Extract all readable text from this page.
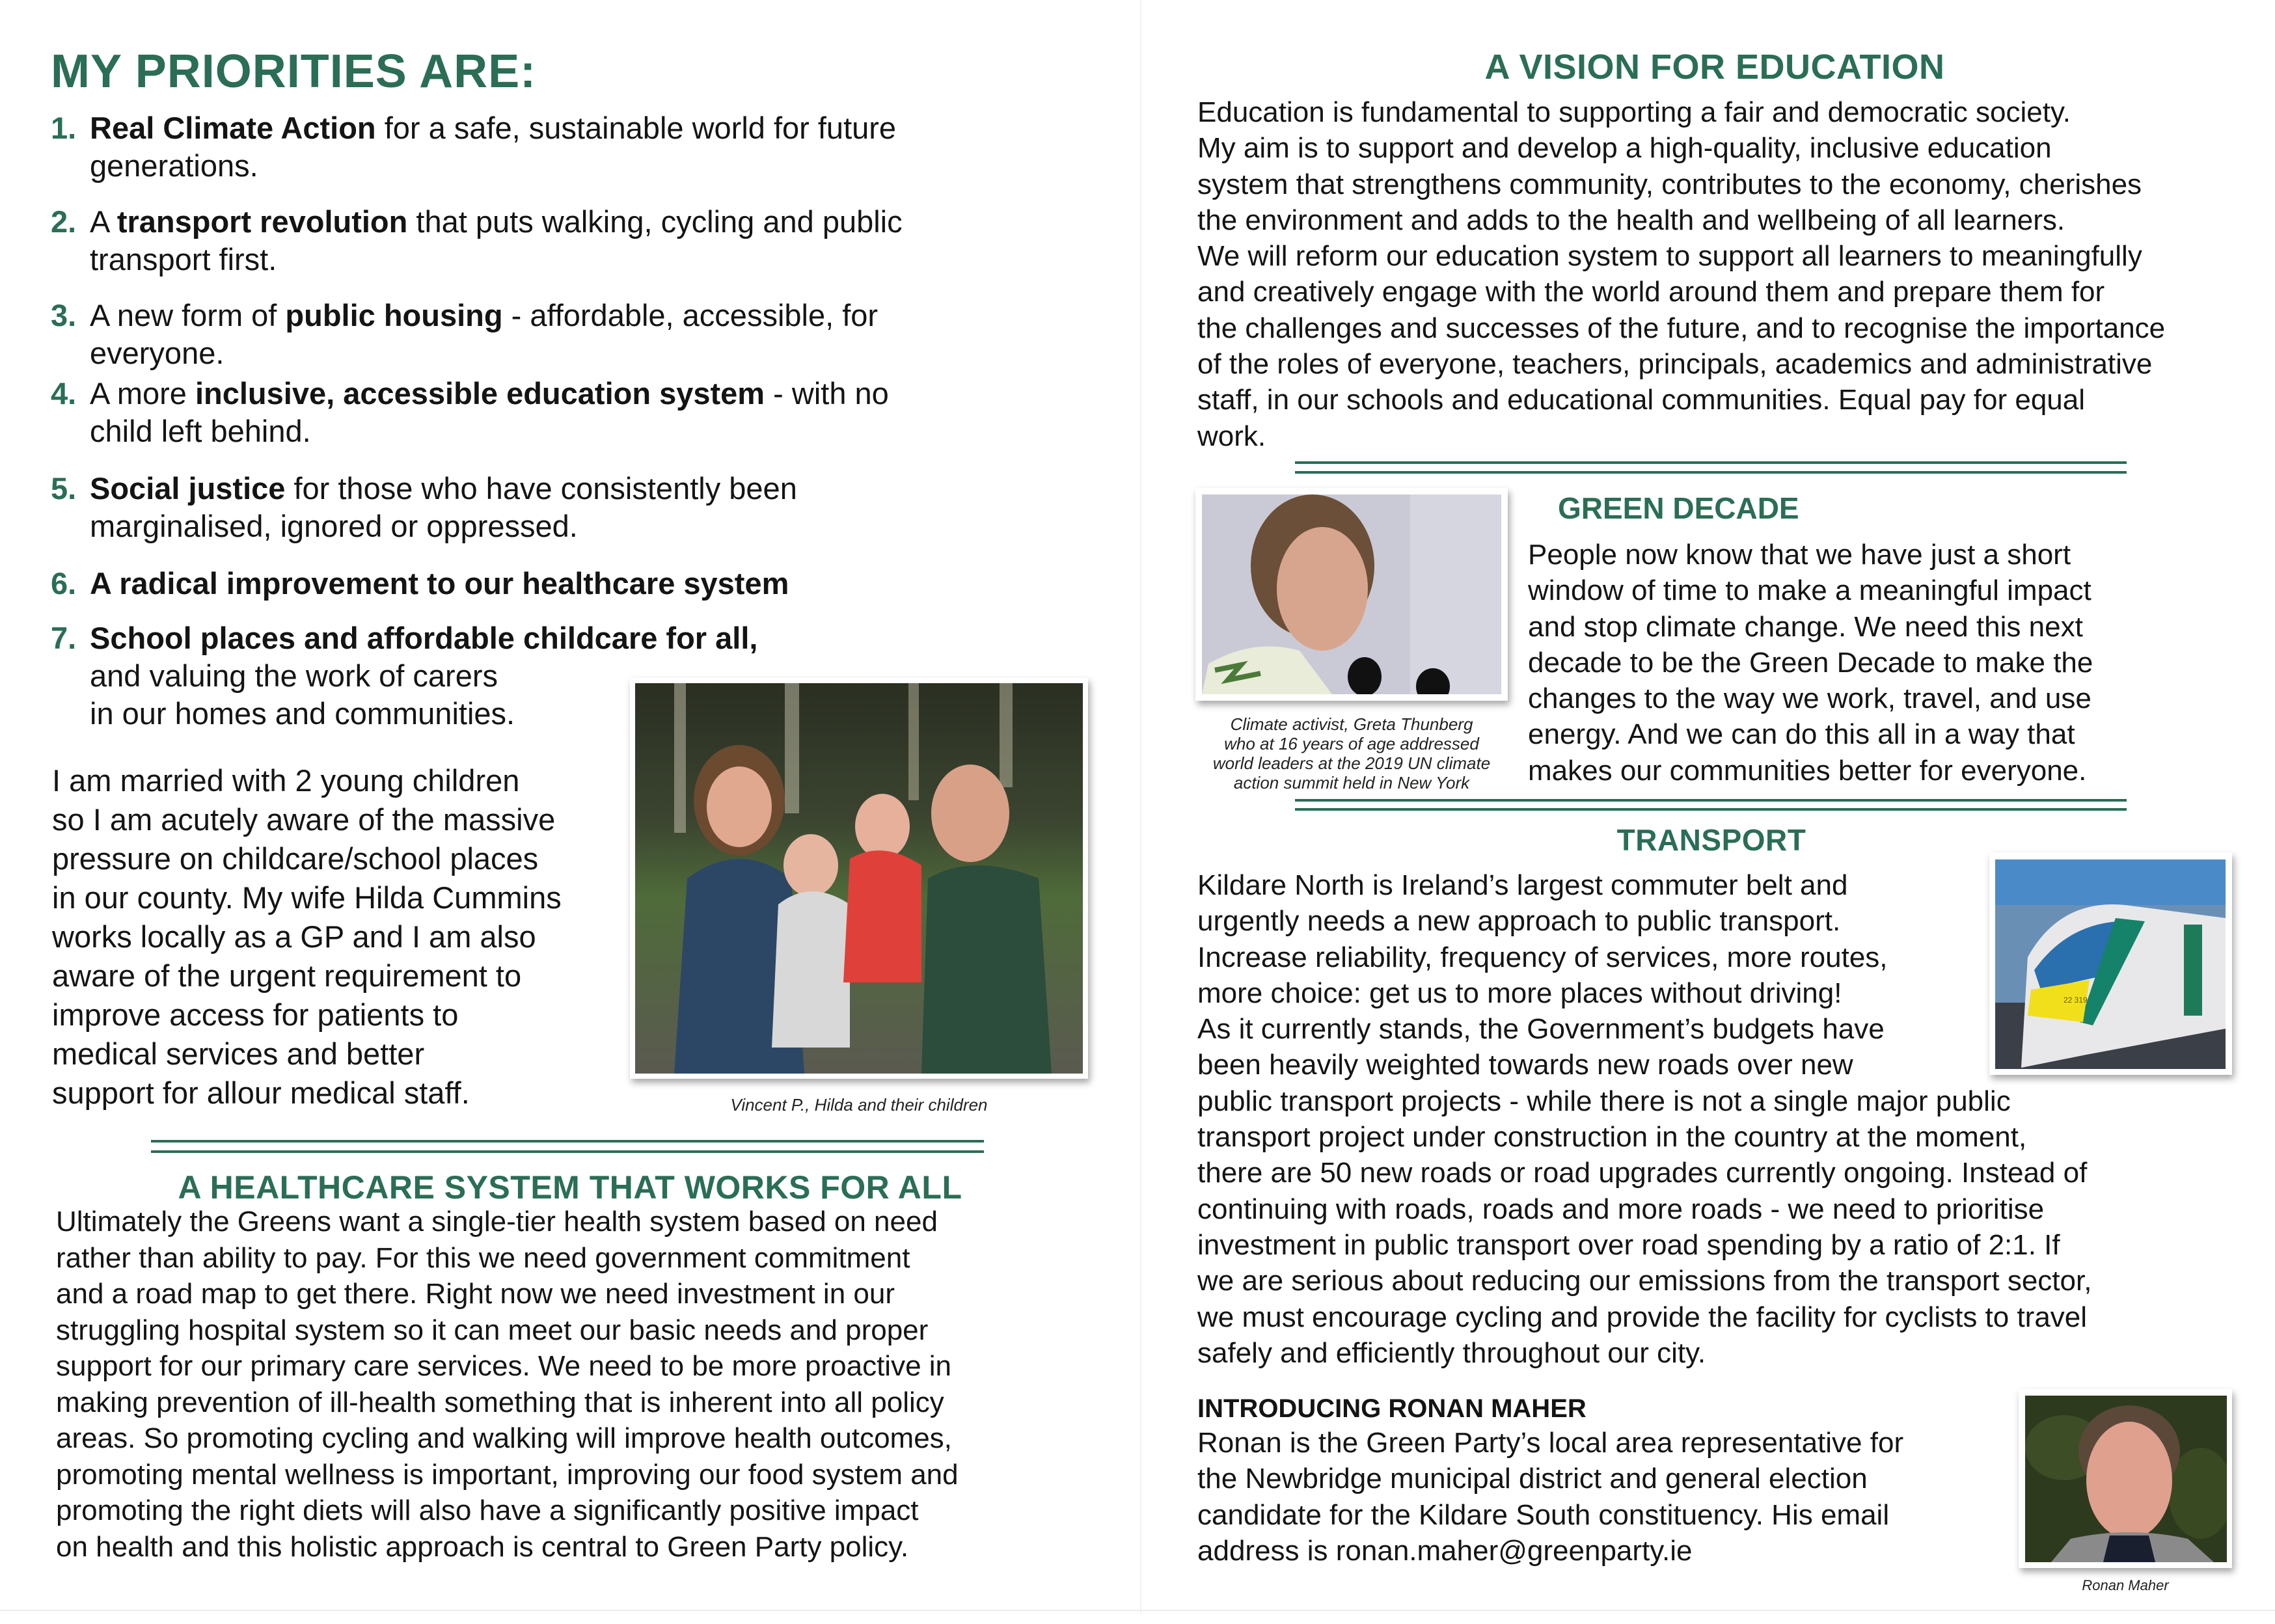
MY PRIORITIES ARE:
1. Real Climate Action for a safe, sustainable world for future
generations.
2. A transport revolution that puts walking, cycling and public
transport first.
3. A new form of public housing - affordable, accessible, for
everyone.
4. A more inclusive, accessible education system - with no
child left behind.
5. Social justice for those who have consistently been
marginalised, ignored or oppressed.
6. A radical improvement to our healthcare system
7. School places and affordable childcare for all,
and valuing the work of carers
in our homes and communities.
I am married with 2 young children
so I am acutely aware of the massive
pressure on childcare/school places
in our county. My wife Hilda Cummins
works locally as a GP and I am also
aware of the urgent requirement to
improve access for patients to
medical services and better
support for allour medical staff.	Vincent P., Hilda and their children
A HEALTHCARE SYSTEM THAT WORKS FOR ALL
Ultimately the Greens want a single-tier health system based on need
rather than ability to pay. For this we need government commitment
and a road map to get there. Right now we need investment in our
struggling hospital system so it can meet our basic needs and proper
support for our primary care services. We need to be more proactive in
making prevention of ill-health something that is inherent into all policy
areas. So promoting cycling and walking will improve health outcomes,
promoting mental wellness is important, improving our food system and
promoting the right diets will also have a significantly positive impact
on health and this holistic approach is central to Green Party policy.
A VISION FOR EDUCATION
Education is fundamental to supporting a fair and democratic society.
My aim is to support and develop a high-quality, inclusive education
system that strengthens community, contributes to the economy, cherishes
the environment and adds to the health and wellbeing of all learners.
We will reform our education system to support all learners to meaningfully
and creatively engage with the world around them and prepare them for
the challenges and successes of the future, and to recognise the importance
of the roles of everyone, teachers, principals, academics and administrative
staff, in our schools and educational communities. Equal pay for equal
work.
Climate activist, Greta Thunberg
who at 16 years of age addressed
world leaders at the 2019 UN climate
action summit held in New York
GREEN DECADE
People now know that we have just a short
window of time to make a meaningful impact
and stop climate change. We need this next
decade to be the Green Decade to make the
changes to the way we work, travel, and use
energy. And we can do this all in a way that
makes our communities better for everyone.
TRANSPORT
22 319
Kildare North is Ireland’s largest commuter belt and
urgently needs a new approach to public transport.
Increase reliability, frequency of services, more routes,
more choice: get us to more places without driving!
As it currently stands, the Government’s budgets have
been heavily weighted towards new roads over new
public transport projects - while there is not a single major public
transport project under construction in the country at the moment,
there are 50 new roads or road upgrades currently ongoing. Instead of
continuing with roads, roads and more roads - we need to prioritise
investment in public transport over road spending by a ratio of 2:1. If
we are serious about reducing our emissions from the transport sector,
we must encourage cycling and provide the facility for cyclists to travel
safely and efficiently throughout our city.
INTRODUCING RONAN MAHER
Ronan is the Green Party’s local area representative for
the Newbridge municipal district and general election
candidate for the Kildare South constituency. His email
address is ronan.maher@greenparty.ie
Ronan Maher
